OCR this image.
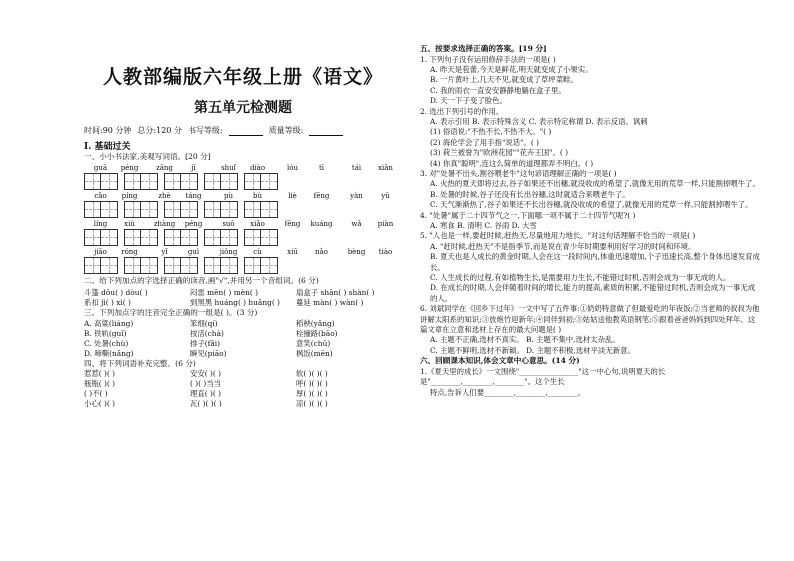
人教部编版六年级上册《语文》
第五单元检测题
时间:90 分钟 总分:120 分 书写等级:	质量等级:
Ⅰ. 基础过关
一、小小书法家,美观写词语。[20 分]
guā	péng	zāng	jī	shuǐ	diào	lóu	tī	tái	xiǎn
cǎo	píng	zhè	táng	pù	bù	liè	fēng	yàn	yǔ
líng	xiù	zhàng	péng	suō	xiǎo	fēng	kuáng	wǎ	piàn
jiāo	róng	yǐ	guì	jiǒng	cù	xiū	nǎo	bèng	tiào
二、给下列加点的字选择正确的读音,画"√",并用另一个音组词。(6 分)
斗篷 dǒu( ) dòu( )	闷雷 mēn( ) mèn( )	扇盒子 shān( ) shàn( )
系扣 jì( ) xì( )	到黑黑 huáng( ) huǎng( )	蔓延 màn( ) wàn( )
三、下列加点字的注音完全正确的一组是( )。(3 分)
A. 高粱(liáng)	笨细(qí)	稻秧(yǎng)
B. 铁轨(guǐ)	按活(chà)	栓撞路(bāo)
C. 处暑(chù)	排子(fǎi)	意笑(chū)
D. 啼嘶(nǎng)	瞬见(piāo)	枫饭(mēn)
四、将下列词语补充完整。(6 分)
惹惹( )( )	安安( )( )	软( )( )( )
瓶瓶( )( )	( )( )当当	呼( )( )( )
( )不( )	理直( )( )	厚( )( )( )
小心( )( )	瓦( )( )( )	凉( )( )( )
五、按要求选择正确的答案。[19 分]
1. 下列句子没有运用修辞手法的一项是( )
A. 昨天是苞蕾,今天是鲜花,明天就变成了小果实。
B. 一片黄叶上,几天不见,就变成了草坪菜畦。
C. 我的雨衣一直安安静静地躺在盒子里。
D. 天一下子变了脸色。
2. 选出下列引号的作用。
A. 表示引用 B. 表示特殊含义 C. 表示特定称谓 D. 表示反语、讽刺
(1) 俗语说:"不热不长,不热不大。"( )
(2) 海伦学会了用手指"说话"。( )
(3) 荷兰被誉为"欧洲花园""花卉王国"。( )
(4) 你真"聪明",连这么简单的道理都弄不明白。( )
3. 对"处暑不出头,割谷喂老牛"这句谚语理解正确的一项是( )
A. 火热的夏天即将过去,谷子如果还不出穗,就没收成的希望了,就像无用的荒草一样,只能割掉喂牛了。
B. 处暑的时候,谷子还没有长出谷穗,这时就适合来喂老牛了。
C. 天气渐渐热了,谷子如果还不长出谷穗,就没收成的希望了,就像无用的荒草一样,只能割掉喂牛了。
4. "处暑"属于二十四节气之一,下面哪一项不属于二十四节气呢?( )
A. 寒食 B. 清明 C. 谷雨 D. 大雪
5. "人也是一样,要赶时候,赶热天,尽量地用力地长。"对这句话理解不恰当的一项是( )
A. "赶时候,赶热天"不是指季节,而是说在青少年时期要利用好学习的时间和环境。
B. 夏天也是人成长的黄金时期,人会在这一段时间内,体重迅速增加,个子迅速长高,整个身体迅速发育成长。
C. 人生成长的过程,有如植物生长,是需要用力生长,不能错过时机,否则会成为一事无成的人。
D. 在成长的时期,人会伴随着时间的增长,能力的提高,素质的积累,不能错过时机,否则会成为一事无成的人。
6. 刘斌同学在《回乡下过年》一文中写了五件事:①奶奶特意做了但最爱吃的年夜饭;②当老师的叔叔为他讲解太阳系的知识;③放炮竹迎新年;④同伴到初;⑤姑姑送他教英语钢笔;⑤跟着爸爸妈妈到四处拜年。这篇文章在立意和选材上存在的最大问题是( )
A. 主题不正确,选材不真实。 B. 主题不集中,选材太杂乱。
C. 主题不鲜明,选材不新颖。 D. 主题不积极,选材平淡无新意。
六、回顾课本知识,体会文章中心意思。(14 分)
1.《夏天里的成长》一文围绕"________________"这一中心句,说明夏天的长是"________,________,________"。这个生长
特点,告诉人们要________,________,________。
